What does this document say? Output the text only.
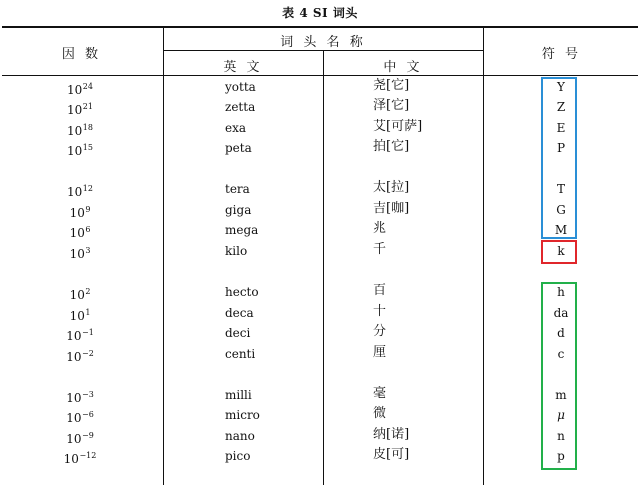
表 4 SI 词头
因 数
词 头 名 称
英 文	中 文
符 号
$10^{24}$	yotta	尧[它]	Y
$10^{21}$	zetta	泽[它]	Z
$10^{18}$	exa	艾[可萨]	E
$10^{15}$	peta	拍[它]	P
$10^{12}$	tera	太[拉]	T
$10^9$	giga	吉[咖]	G
$10^6$	mega	兆	M
$10^3$	kilo	千	k
$10^2$	hecto	百	h
$10^1$	deca	十	da
$10^{-1}$	deci	分	d
$10^{-2}$	centi	厘	c
$10^{-3}$	milli	毫	m
$10^{-6}$	micro	微	μ
$10^{-9}$	nano	纳[诺]	n
$10^{-12}$	pico	皮[可]	p
